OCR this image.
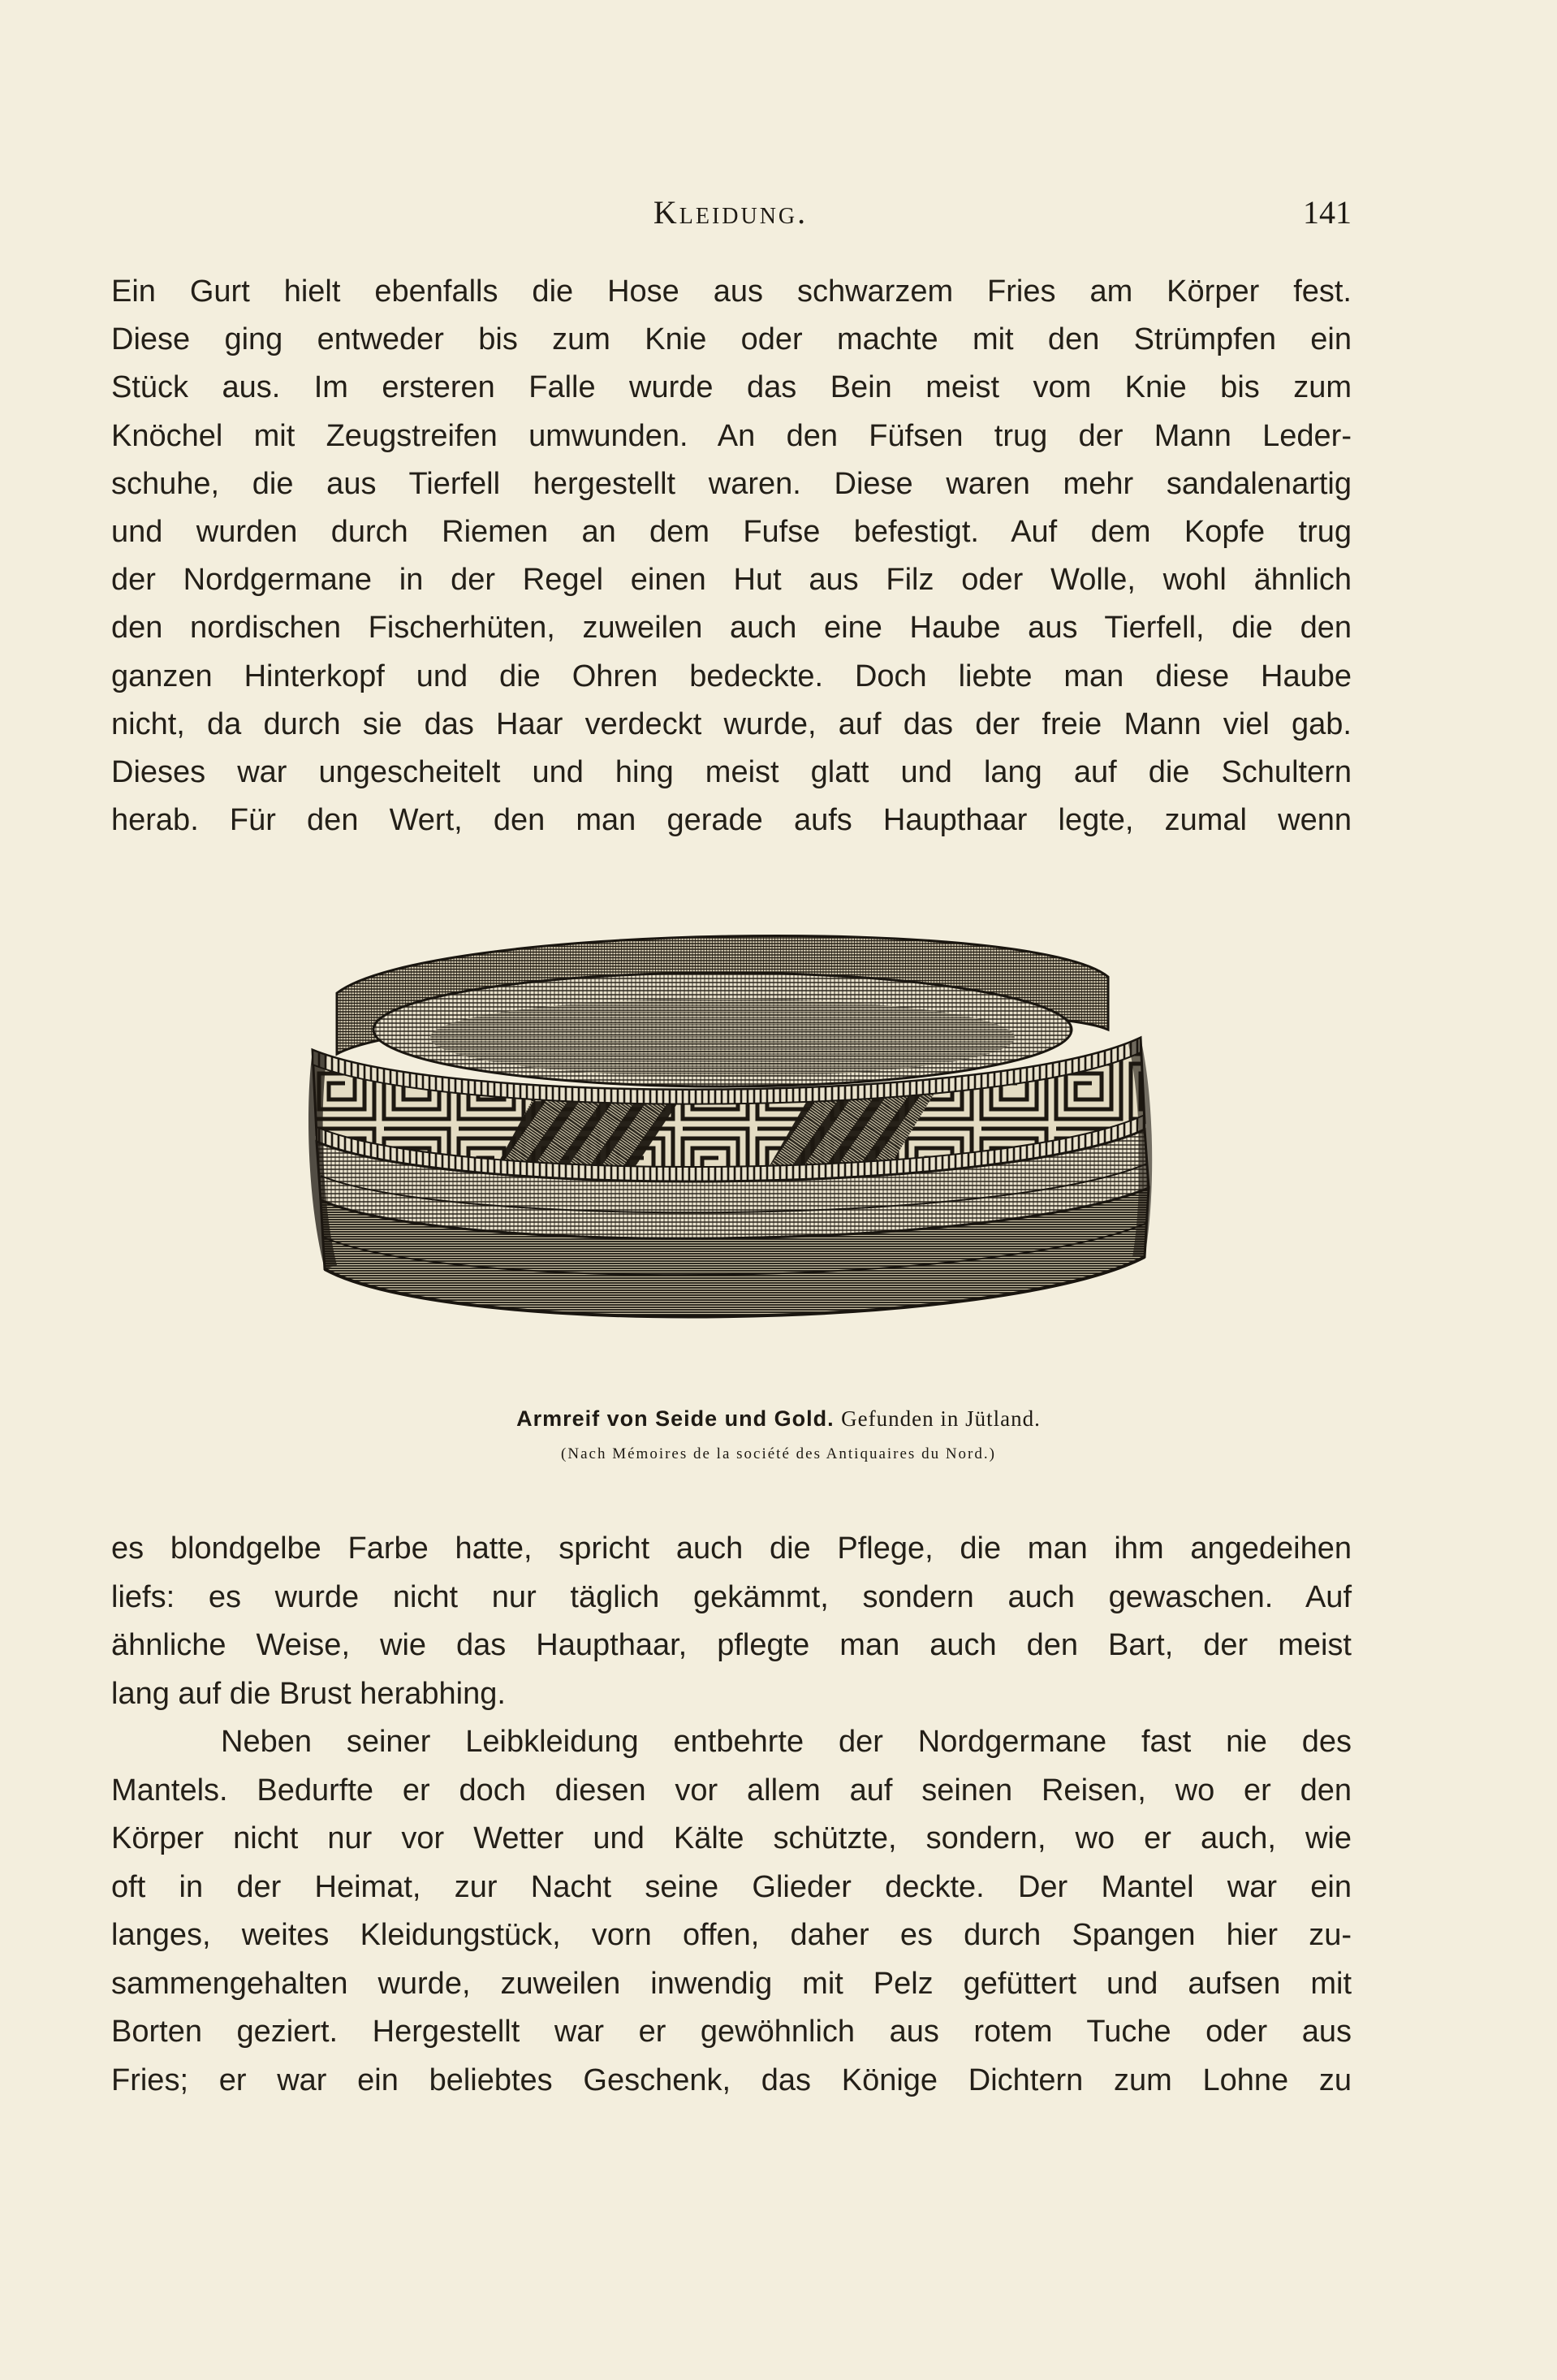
Kleidung.	141

Ein Gurt hielt ebenfalls die Hose aus schwarzem Fries am Körper fest.

Diese ging entweder bis zum Knie oder machte mit den Strümpfen ein

Stück aus. Im ersteren Falle wurde das Bein meist vom Knie bis zum

Knöchel mit Zeugstreifen umwunden. An den Füfsen trug der Mann Leder-

schuhe, die aus Tierfell hergestellt waren. Diese waren mehr sandalenartig

und wurden durch Riemen an dem Fufse befestigt. Auf dem Kopfe trug

der Nordgermane in der Regel einen Hut aus Filz oder Wolle, wohl ähnlich

den nordischen Fischerhüten, zuweilen auch eine Haube aus Tierfell, die den

ganzen Hinterkopf und die Ohren bedeckte. Doch liebte man diese Haube

nicht, da durch sie das Haar verdeckt wurde, auf das der freie Mann viel gab.

Dieses war ungescheitelt und hing meist glatt und lang auf die Schultern

herab. Für den Wert, den man gerade aufs Haupthaar legte, zumal wenn

Armreif von Seide und Gold. Gefunden in Jütland.
(Nach Mémoires de la société des Antiquaires du Nord.)

es blondgelbe Farbe hatte, spricht auch die Pflege, die man ihm angedeihen

liefs: es wurde nicht nur täglich gekämmt, sondern auch gewaschen. Auf

ähnliche Weise, wie das Haupthaar, pflegte man auch den Bart, der meist

lang auf die Brust herabhing.

Neben seiner Leibkleidung entbehrte der Nordgermane fast nie des

Mantels. Bedurfte er doch diesen vor allem auf seinen Reisen, wo er den

Körper nicht nur vor Wetter und Kälte schützte, sondern, wo er auch, wie

oft in der Heimat, zur Nacht seine Glieder deckte. Der Mantel war ein

langes, weites Kleidungstück, vorn offen, daher es durch Spangen hier zu-

sammengehalten wurde, zuweilen inwendig mit Pelz gefüttert und aufsen mit

Borten geziert. Hergestellt war er gewöhnlich aus rotem Tuche oder aus

Fries; er war ein beliebtes Geschenk, das Könige Dichtern zum Lohne zu
